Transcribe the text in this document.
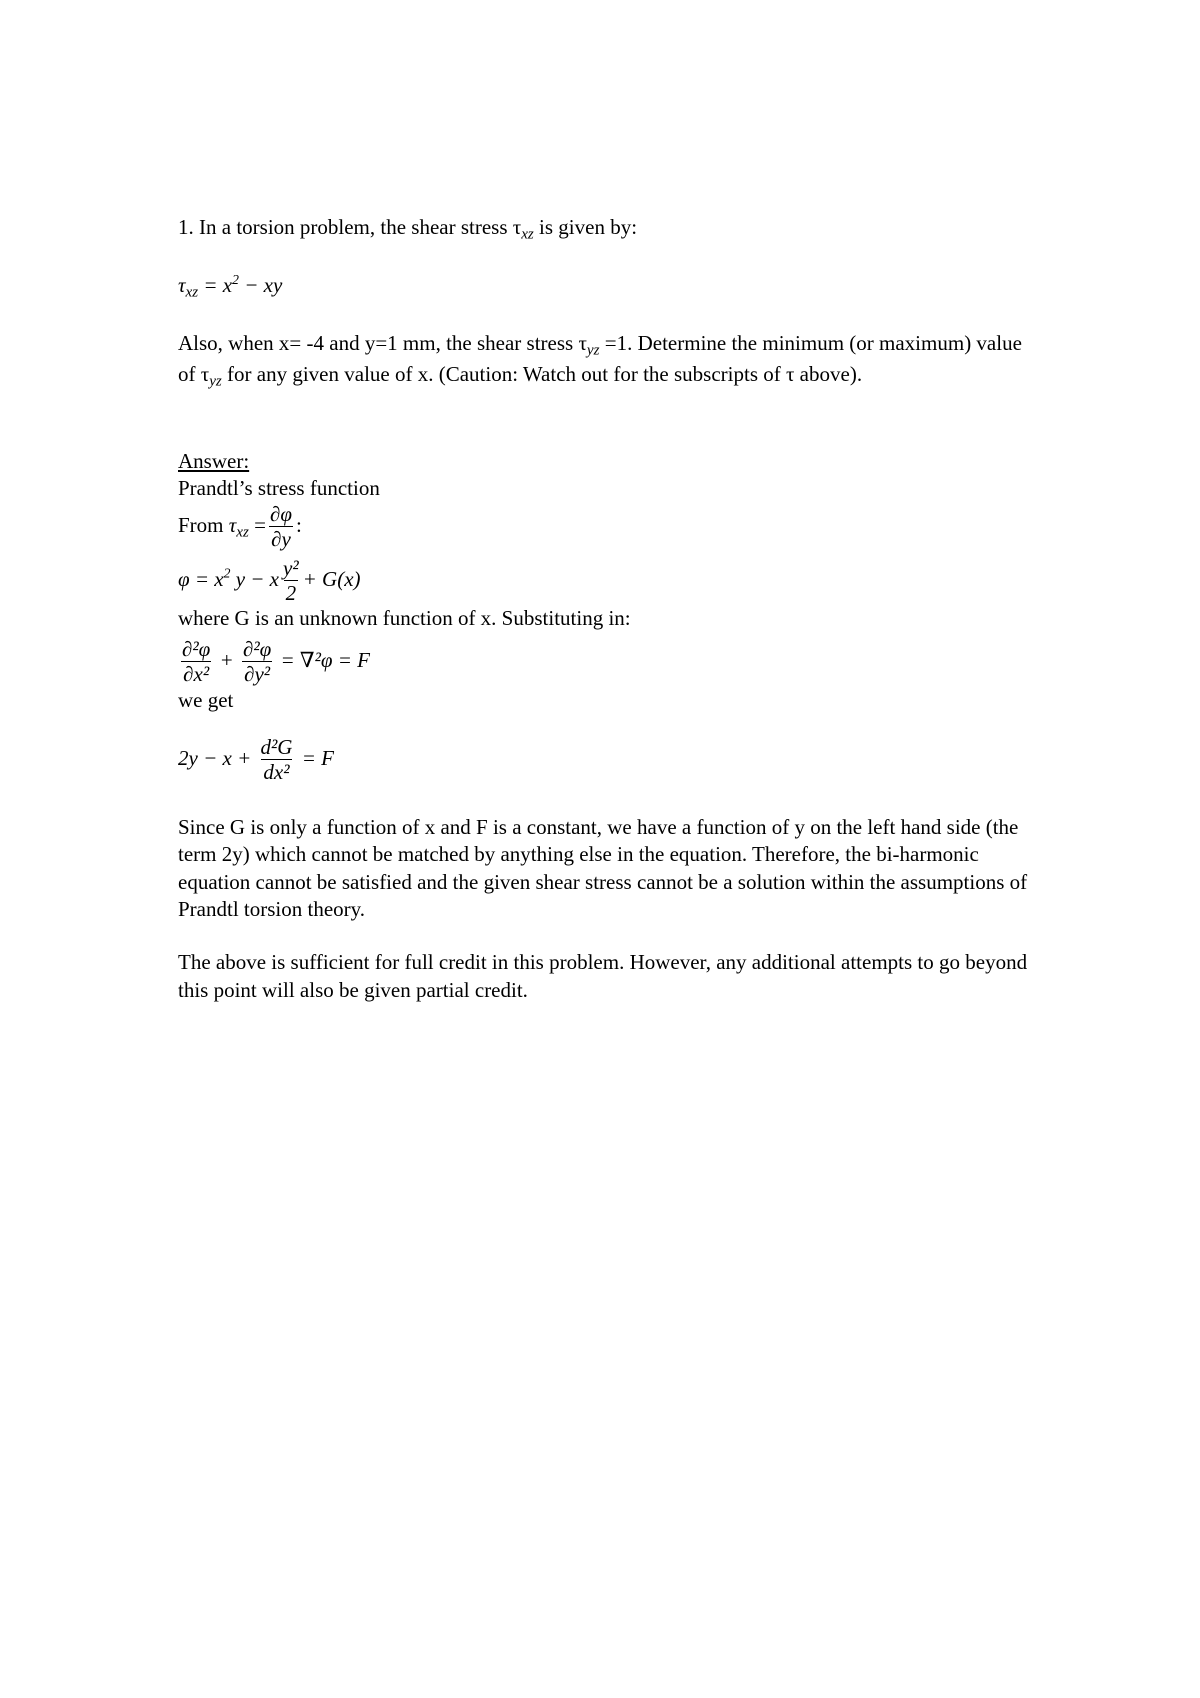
1. In a torsion problem, the shear stress $\tau_{xz}$ is given by:

$\tau_{xz} = x^2$ − xy

Also, when x= -4 and y=1 mm, the shear stress $\tau_{yz} =1$. Determine the minimum (or maximum) value of $\tau_{yz}$ for any given value of x. (Caution: Watch out for the subscripts of τ above).

Answer:

Prandtl’s stress function

From $\tau_{xz} = \frac{\partial\varphi}{\partial y}$ :

$\varphi = x^2$ y − x $\frac{\text{y²}}{2} + G(x)$

where G is an unknown function of x. Substituting in:

$\frac{\text{∂²φ}}{\text{∂x²}} + \frac{\text{∂²φ}}{\text{∂y²}} = \nabla^2\varphi = F$

we get

$2y - x + \frac{\text{d²G}}{\text{dx²}} = F$

Since G is only a function of x and F is a constant, we have a function of y on the left hand side (the term 2y) which cannot be matched by anything else in the equation. Therefore, the bi-harmonic equation cannot be satisfied and the given shear stress cannot be a solution within the assumptions of Prandtl torsion theory.

The above is sufficient for full credit in this problem. However, any additional attempts to go beyond this point will also be given partial credit.
